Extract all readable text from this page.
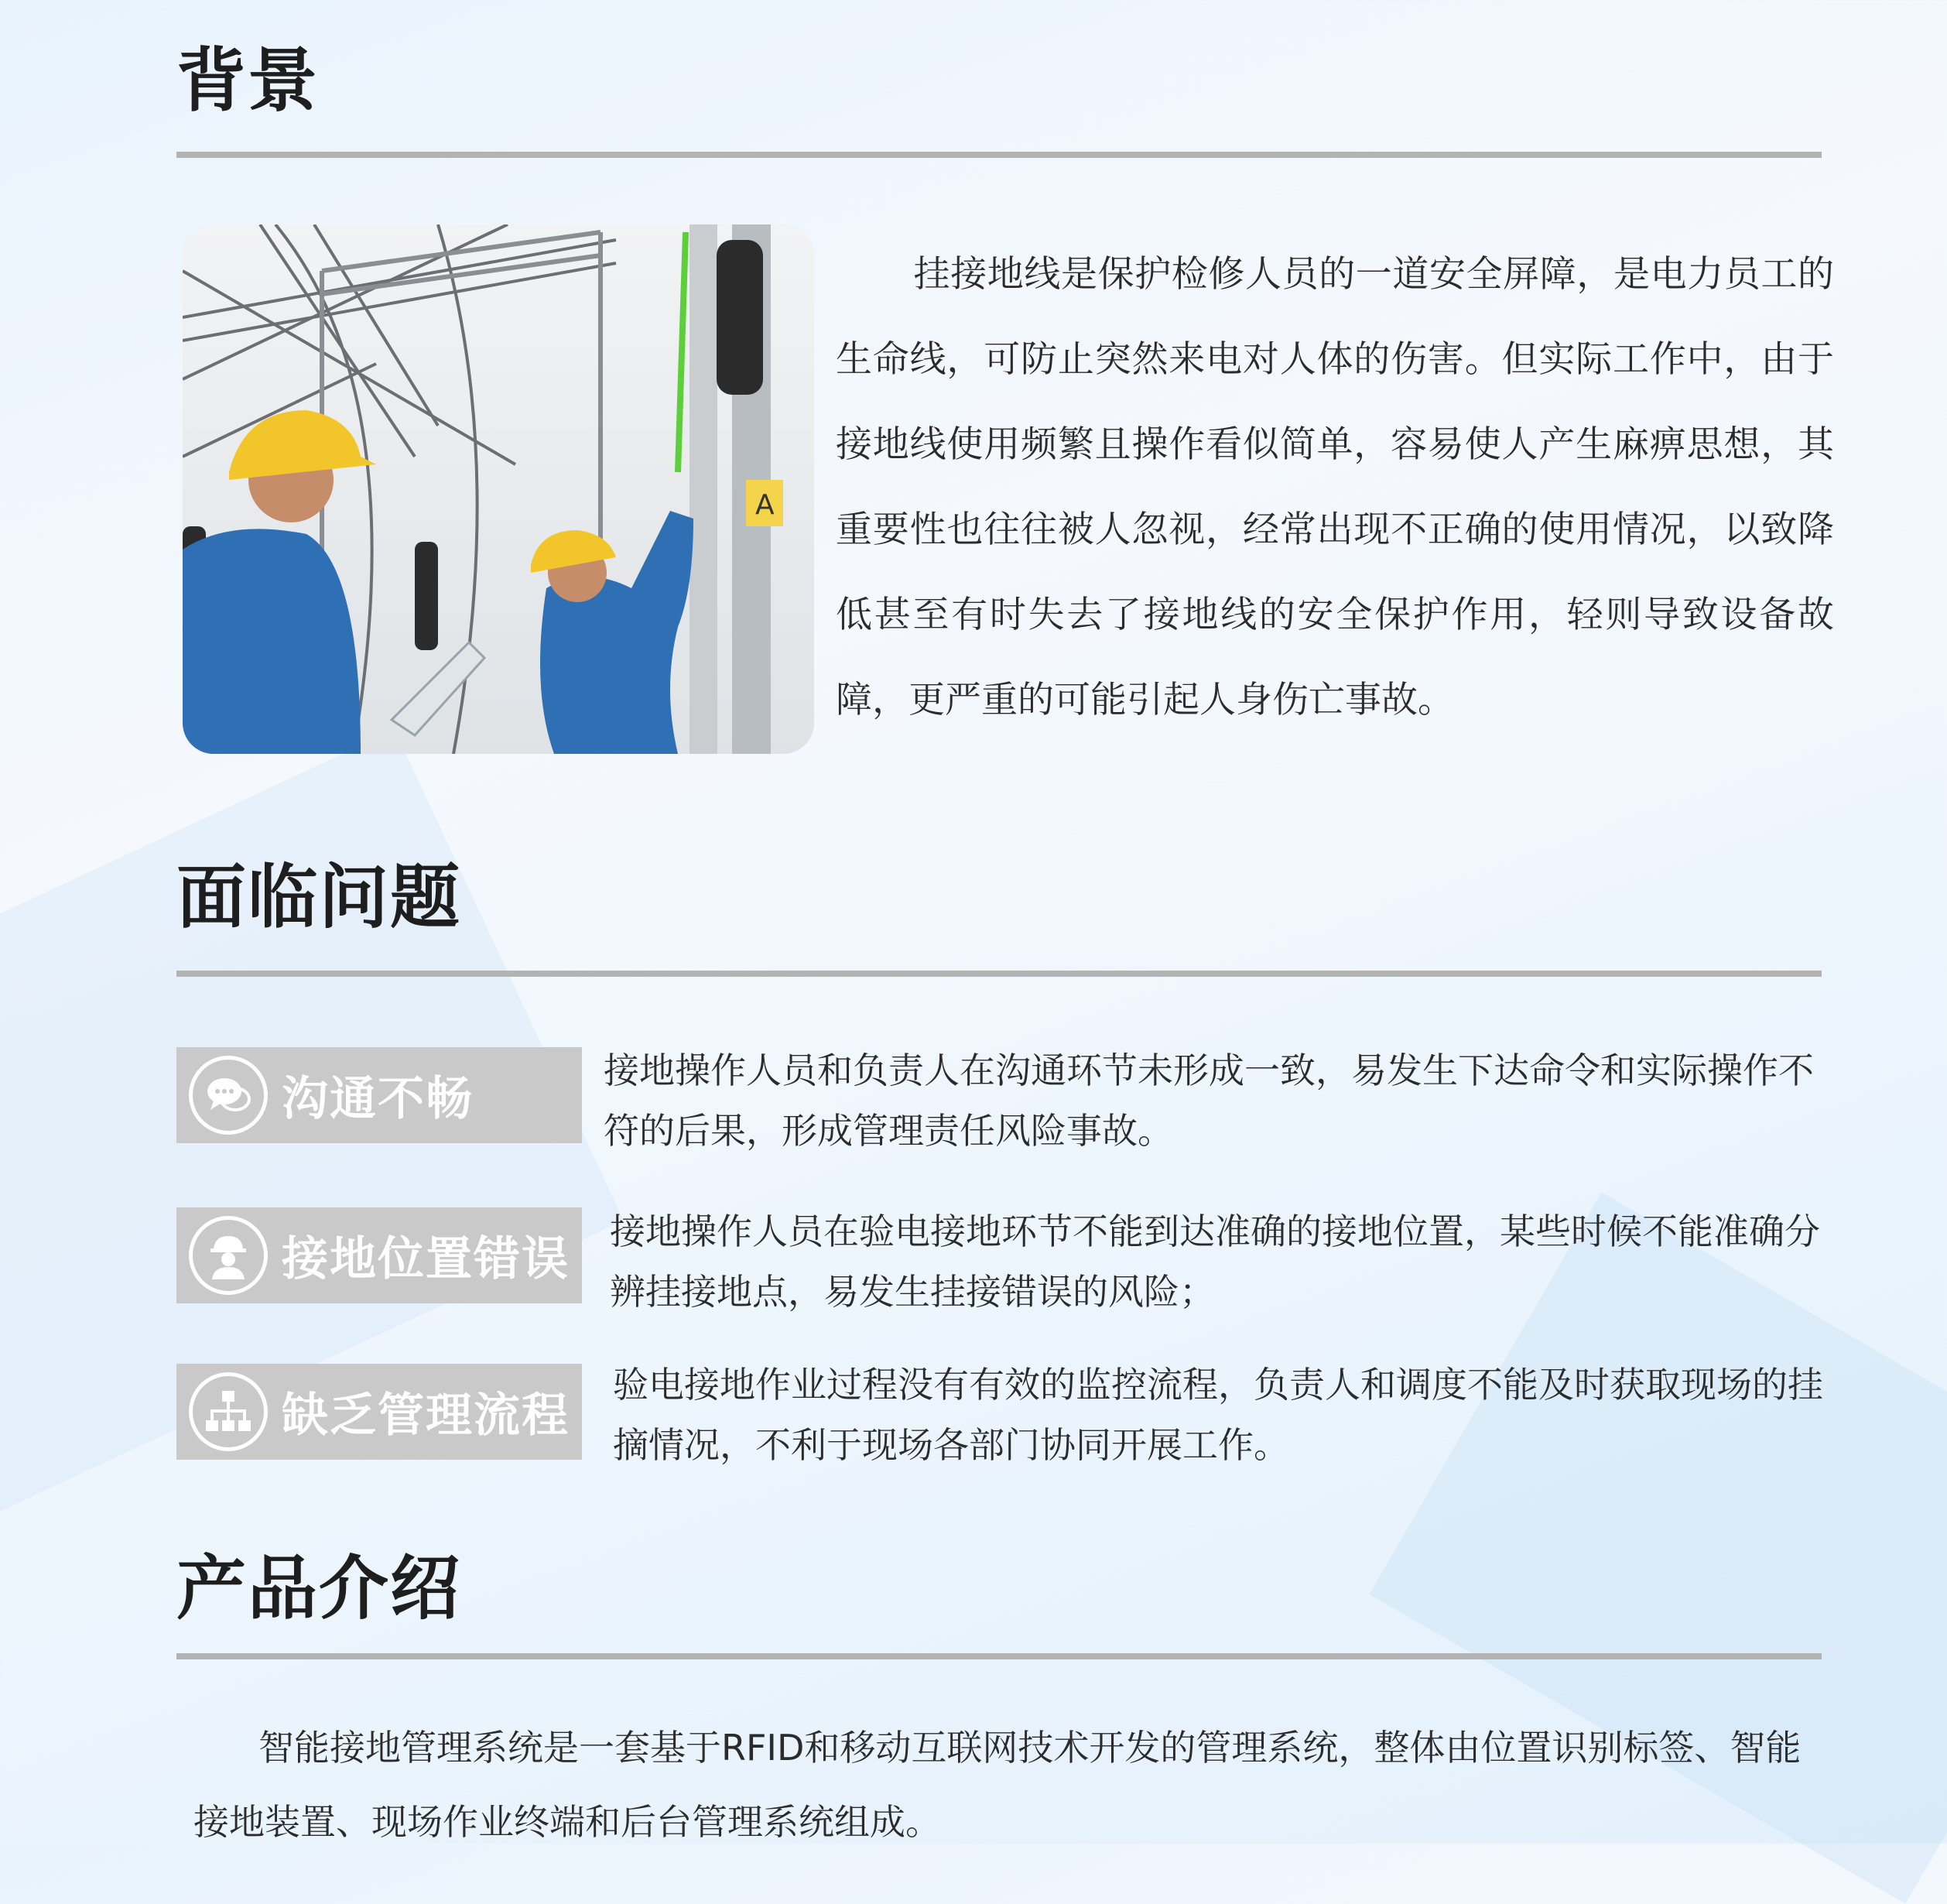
背景
A

挂接地线是保护检修人员的一道安全屏障，是电力员工的生命线，可防止突然来电对人体的伤害。但实际工作中，由于接地线使用频繁且操作看似简单，容易使人产生麻痹思想，其重要性也往往被人忽视，经常出现不正确的使用情况，以致降低甚至有时失去了接地线的安全保护作用，轻则导致设备故障，更严重的可能引起人身伤亡事故。

面临问题
沟通不畅

接地操作人员和负责人在沟通环节未形成一致，易发生下达命令和实际操作不符的后果，形成管理责任风险事故。

接地位置错误

接地操作人员在验电接地环节不能到达准确的接地位置，某些时候不能准确分辨挂接地点，易发生挂接错误的风险；

缺乏管理流程

验电接地作业过程没有有效的监控流程，负责人和调度不能及时获取现场的挂摘情况，不利于现场各部门协同开展工作。

产品介绍

智能接地管理系统是一套基于RFID和移动互联网技术开发的管理系统，整体由位置识别标签、智能接地装置、现场作业终端和后台管理系统组成。
